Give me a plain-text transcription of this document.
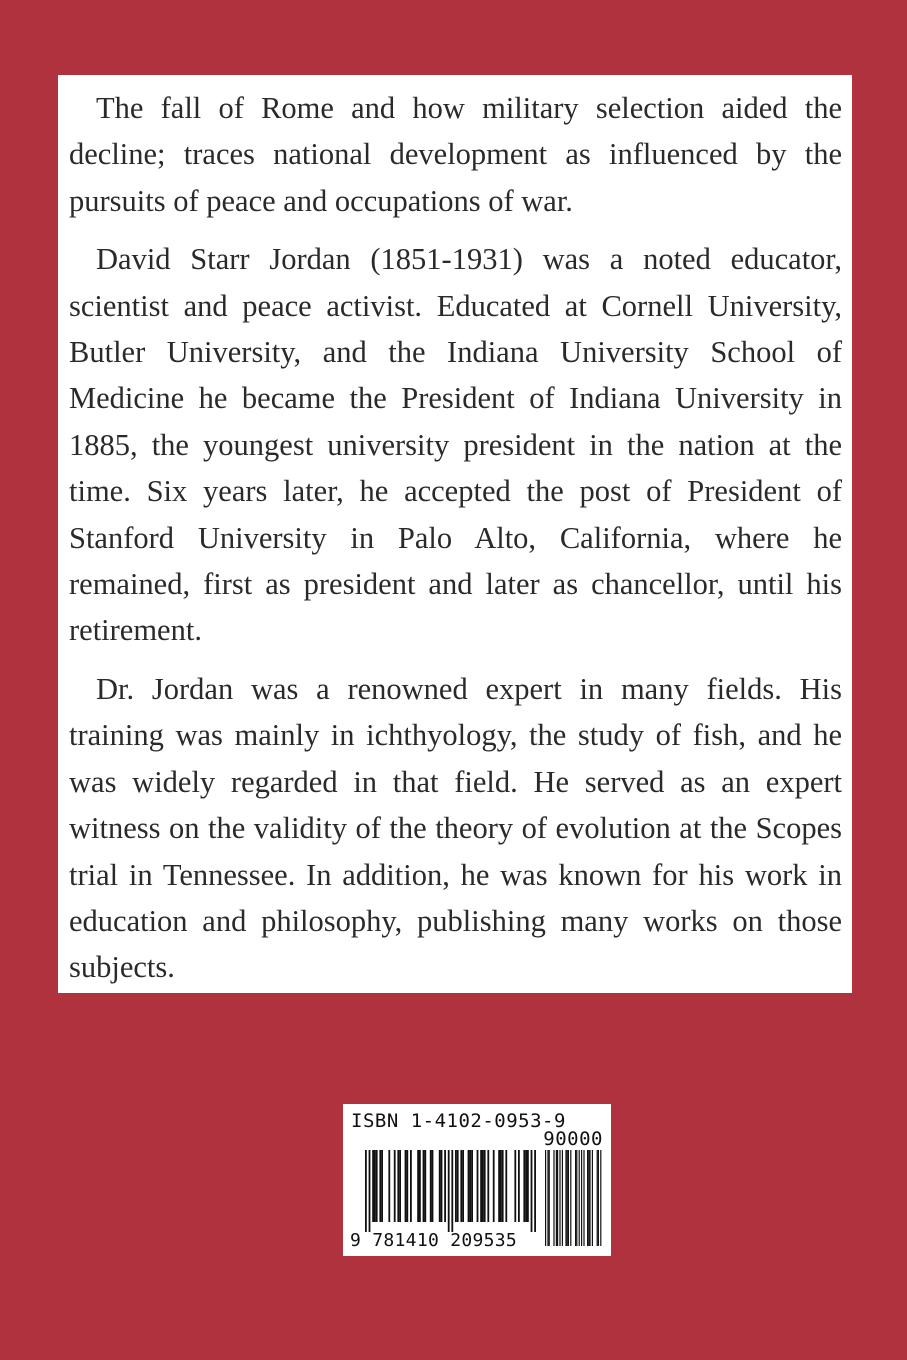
The fall of Rome and how military selection aided the decline; traces national development as influenced by the pursuits of peace and occupations of war.

David Starr Jordan (1851-1931) was a noted educator, scientist and peace activist. Educated at Cornell University, Butler University, and the Indiana University School of Medicine he became the President of Indiana University in 1885, the youngest university president in the nation at the time. Six years later, he accepted the post of President of Stanford University in Palo Alto, California, where he remained, first as president and later as chancellor, until his retirement.

Dr. Jordan was a renowned expert in many fields. His training was mainly in ichthyology, the study of fish, and he was widely regarded in that field. He served as an expert witness on the validity of the theory of evolution at the Scopes trial in Tennessee. In addition, he was known for his work in education and philosophy, publishing many works on those subjects.

ISBN 1-4102-0953-9
90000
9 781410 209535
